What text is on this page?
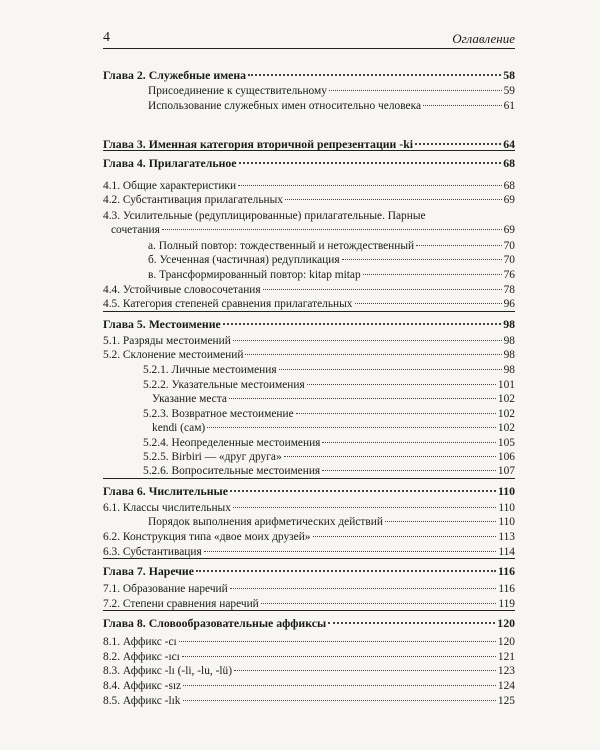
4	Оглавление
Глава 2. Служебные имена	58
Присоединение к существительному	59
Использование служебных имен относительно человека	61
Глава 3. Именная категория вторичной репрезентации -ki	64
Глава 4. Прилагательное	68
4.1. Общие характеристики	68
4.2. Субстантивация прилагательных	69
4.3. Усилительные (редуплицированные) прилагательные. Парные
сочетания	69
а. Полный повтор: тождественный и нетождественный	70
б. Усеченная (частичная) редупликация	70
в. Трансформированный повтор: kitap mitap	76
4.4. Устойчивые словосочетания	78
4.5. Категория степеней сравнения прилагательных	96
Глава 5. Местоимение	98
5.1. Разряды местоимений	98
5.2. Склонение местоимений	98
5.2.1. Личные местоимения	98
5.2.2. Указательные местоимения	101
Указание места	102
5.2.3. Возвратное местоимение	102
kendi (сам)	102
5.2.4. Неопределенные местоимения	105
5.2.5. Birbiri — «друг друга»	106
5.2.6. Вопросительные местоимения	107
Глава 6. Числительные	110
6.1. Классы числительных	110
Порядок выполнения арифметических действий	110
6.2. Конструкция типа «двое моих друзей»	113
6.3. Субстантивация	114
Глава 7. Наречие	116
7.1. Образование наречий	116
7.2. Степени сравнения наречий	119
Глава 8. Словообразовательные аффиксы	120
8.1. Аффикс -cı	120
8.2. Аффикс -ıcı	121
8.3. Аффикс -lı (-li, -lu, -lü)	123
8.4. Аффикс -sız	124
8.5. Аффикс -lık	125
